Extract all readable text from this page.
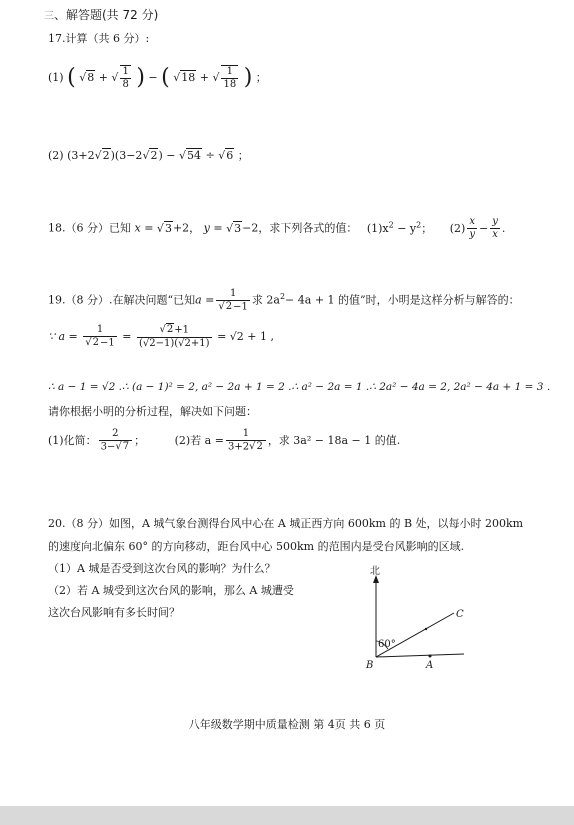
三、解答题(共 72 分)
17.计算（共 6 分）:
(1) ( √8 + √ $\frac{1}{8}$ ) − ( √18 + √ $\frac{1}{18}$ ) ；
(2) (3+2√2)(3−2√2) − √54 ÷ √6 ；
18.（6 分）已知 x = √3+2， y = √3−2，求下列各式的值： $(1)x^2 - y^2$； $(2) \frac{x}{y} - \frac{y}{x}$ .
19.（8 分）.在解决问题“已知$a = \frac{1}{√2-1}$ 求 $2a^2- 4a + 1$ 的值”时，小明是这样分析与解答的：
∵ $a = \frac{1}{√2-1} = \frac{√2+1}{(√2-1)(√2+1)} = √2 + 1$ ,
∴ a − 1 = √2 .∴ (a − 1)² = 2, a² − 2a + 1 = 2 .∴ a² − 2a = 1 .∴ 2a² − 4a = 2, 2a² − 4a + 1 = 3 .
请你根据小明的分析过程，解决如下问题：
(1)化简： $\frac{2}{3-√7}$ ；	(2)若 $a = \frac{1}{3+2√2}$ ，求 3a² − 18a − 1 的值.
20.（8 分）如图，A 城气象台测得台风中心在 A 城正西方向 600km 的 B 处，以每小时 200km
的速度向北偏东 60° 的方向移动，距台风中心 500km 的范围内是受台风影响的区域.
（1）A 城是否受到这次台风的影响？为什么？
（2）若 A 城受到这次台风的影响，那么 A 城遭受
这次台风影响有多长时间？
北
60°
B	A
C
八年级数学期中质量检测 第 4页 共 6 页
